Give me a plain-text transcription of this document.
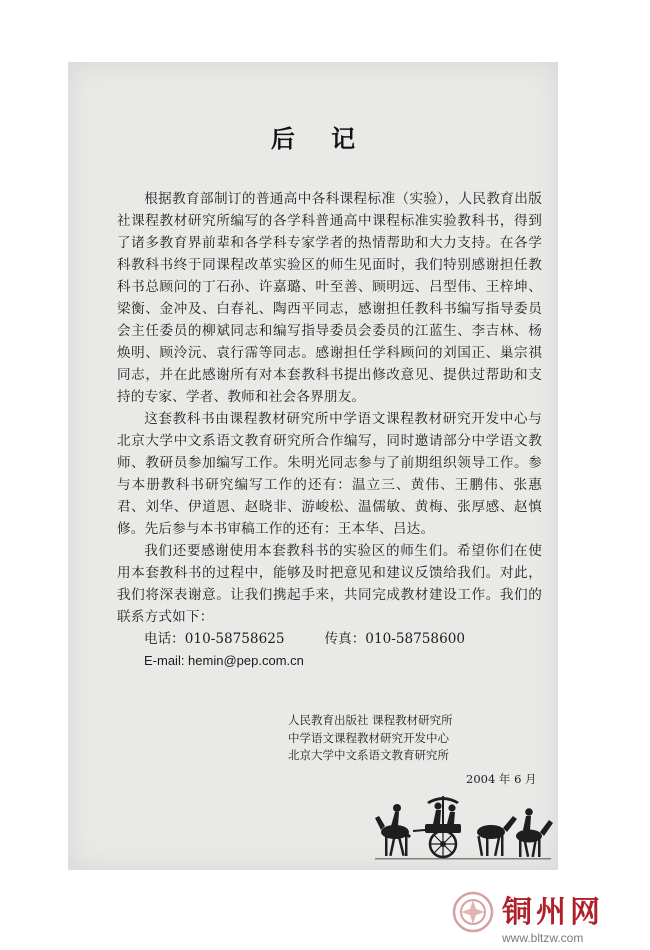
后 记

根据教育部制订的普通高中各科课程标准（实验），人民教育出版社课程教材研究所编写的各学科普通高中课程标准实验教科书，得到了诸多教育界前辈和各学科专家学者的热情帮助和大力支持。在各学科教科书终于同课程改革实验区的师生见面时，我们特别感谢担任教科书总顾问的丁石孙、许嘉璐、叶至善、顾明远、吕型伟、王梓坤、梁衡、金冲及、白春礼、陶西平同志，感谢担任教科书编写指导委员会主任委员的柳斌同志和编写指导委员会委员的江蓝生、李吉林、杨焕明、顾泠沅、袁行霈等同志。感谢担任学科顾问的刘国正、巢宗祺同志，并在此感谢所有对本套教科书提出修改意见、提供过帮助和支持的专家、学者、教师和社会各界朋友。

这套教科书由课程教材研究所中学语文课程教材研究开发中心与北京大学中文系语文教育研究所合作编写，同时邀请部分中学语文教师、教研员参加编写工作。朱明光同志参与了前期组织领导工作。参与本册教科书研究编写工作的还有：温立三、黄伟、王鹏伟、张惠君、刘华、伊道恩、赵晓非、游峻松、温儒敏、黄梅、张厚感、赵慎修。先后参与本书审稿工作的还有：王本华、吕达。

我们还要感谢使用本套教科书的实验区的师生们。希望你们在使用本套教科书的过程中，能够及时把意见和建议反馈给我们。对此，我们将深表谢意。让我们携起手来，共同完成教材建设工作。我们的联系方式如下：

电话：010-58758625	传真：010-58758600

E-mail: hemin@pep.com.cn

人民教育出版社 课程教材研究所
中学语文课程教材研究开发中心
北京大学中文系语文教育研究所
2004 年 6 月
铜州网
www.bltzw.com
